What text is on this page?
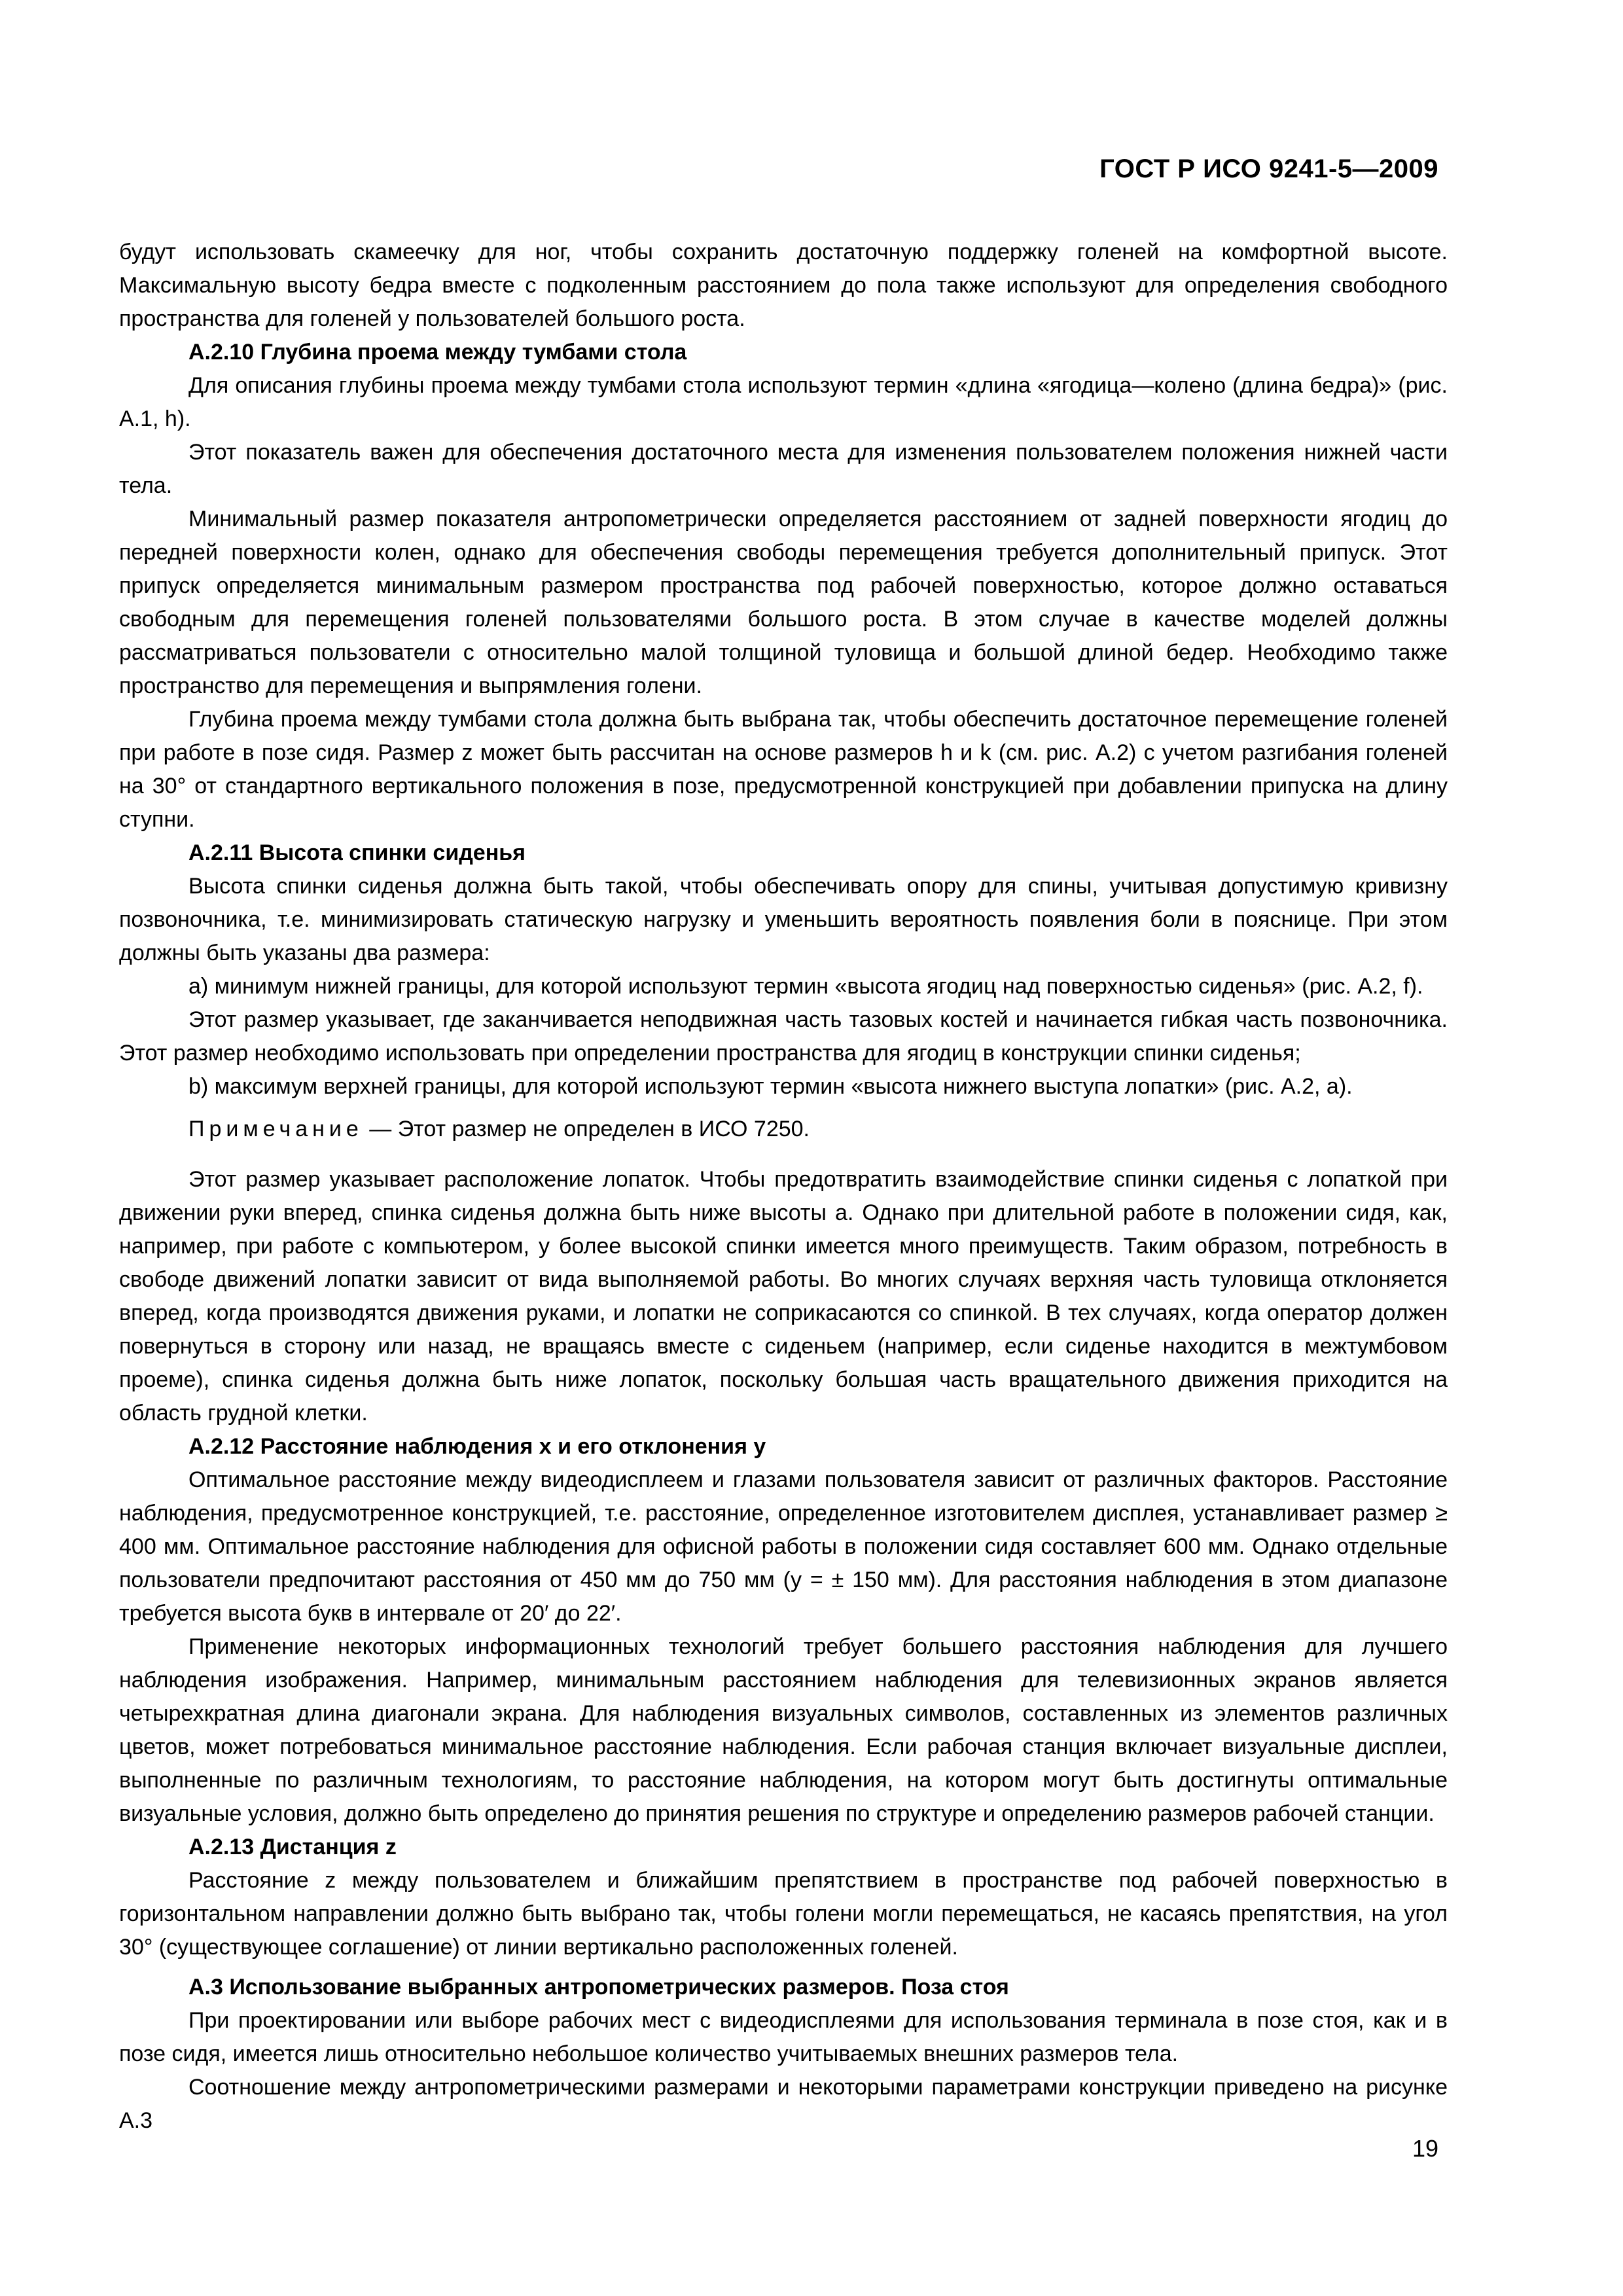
ГОСТ Р ИСО 9241-5—2009

будут использовать скамеечку для ног, чтобы сохранить достаточную поддержку голеней на комфортной высоте. Максимальную высоту бедра вместе с подколенным расстоянием до пола также используют для определения свободного пространства для голеней у пользователей большого роста.

А.2.10 Глубина проема между тумбами стола

Для описания глубины проема между тумбами стола используют термин «длина «ягодица—колено (длина бедра)» (рис. А.1, h).

Этот показатель важен для обеспечения достаточного места для изменения пользователем положения нижней части тела.

Минимальный размер показателя антропометрически определяется расстоянием от задней поверхности ягодиц до передней поверхности колен, однако для обеспечения свободы перемещения требуется дополнительный припуск. Этот припуск определяется минимальным размером пространства под рабочей поверхностью, которое должно оставаться свободным для перемещения голеней пользователями большого роста. В этом случае в качестве моделей должны рассматриваться пользователи с относительно малой толщиной туловища и большой длиной бедер. Необходимо также пространство для перемещения и выпрямления голени.

Глубина проема между тумбами стола должна быть выбрана так, чтобы обеспечить достаточное перемещение голеней при работе в позе сидя. Размер z может быть рассчитан на основе размеров h и k (см. рис. А.2) с учетом разгибания голеней на 30° от стандартного вертикального положения в позе, предусмотренной конструкцией при добавлении припуска на длину ступни.

А.2.11 Высота спинки сиденья

Высота спинки сиденья должна быть такой, чтобы обеспечивать опору для спины, учитывая допустимую кривизну позвоночника, т.е. минимизировать статическую нагрузку и уменьшить вероятность появления боли в пояснице. При этом должны быть указаны два размера:

a) минимум нижней границы, для которой используют термин «высота ягодиц над поверхностью сиденья» (рис. А.2, f).

Этот размер указывает, где заканчивается неподвижная часть тазовых костей и начинается гибкая часть позвоночника. Этот размер необходимо использовать при определении пространства для ягодиц в конструкции спинки сиденья;

b) максимум верхней границы, для которой используют термин «высота нижнего выступа лопатки» (рис. А.2, a).

Примечание — Этот размер не определен в ИСО 7250.

Этот размер указывает расположение лопаток. Чтобы предотвратить взаимодействие спинки сиденья с лопаткой при движении руки вперед, спинка сиденья должна быть ниже высоты a. Однако при длительной работе в положении сидя, как, например, при работе с компьютером, у более высокой спинки имеется много преимуществ. Таким образом, потребность в свободе движений лопатки зависит от вида выполняемой работы. Во многих случаях верхняя часть туловища отклоняется вперед, когда производятся движения руками, и лопатки не соприкасаются со спинкой. В тех случаях, когда оператор должен повернуться в сторону или назад, не вращаясь вместе с сиденьем (например, если сиденье находится в межтумбовом проеме), спинка сиденья должна быть ниже лопаток, поскольку большая часть вращательного движения приходится на область грудной клетки.

А.2.12 Расстояние наблюдения x и его отклонения y

Оптимальное расстояние между видеодисплеем и глазами пользователя зависит от различных факторов. Расстояние наблюдения, предусмотренное конструкцией, т.е. расстояние, определенное изготовителем дисплея, устанавливает размер ≥ 400 мм. Оптимальное расстояние наблюдения для офисной работы в положении сидя составляет 600 мм. Однако отдельные пользователи предпочитают расстояния от 450 мм до 750 мм (y = ± 150 мм). Для расстояния наблюдения в этом диапазоне требуется высота букв в интервале от 20′ до 22′.

Применение некоторых информационных технологий требует большего расстояния наблюдения для лучшего наблюдения изображения. Например, минимальным расстоянием наблюдения для телевизионных экранов является четырехкратная длина диагонали экрана. Для наблюдения визуальных символов, составленных из элементов различных цветов, может потребоваться минимальное расстояние наблюдения. Если рабочая станция включает визуальные дисплеи, выполненные по различным технологиям, то расстояние наблюдения, на котором могут быть достигнуты оптимальные визуальные условия, должно быть определено до принятия решения по структуре и определению размеров рабочей станции.

А.2.13 Дистанция z

Расстояние z между пользователем и ближайшим препятствием в пространстве под рабочей поверхностью в горизонтальном направлении должно быть выбрано так, чтобы голени могли перемещаться, не касаясь препятствия, на угол 30° (существующее соглашение) от линии вертикально расположенных голеней.

А.3 Использование выбранных антропометрических размеров. Поза стоя

При проектировании или выборе рабочих мест с видеодисплеями для использования терминала в позе стоя, как и в позе сидя, имеется лишь относительно небольшое количество учитываемых внешних размеров тела.

Соотношение между антропометрическими размерами и некоторыми параметрами конструкции приведено на рисунке А.3

19
